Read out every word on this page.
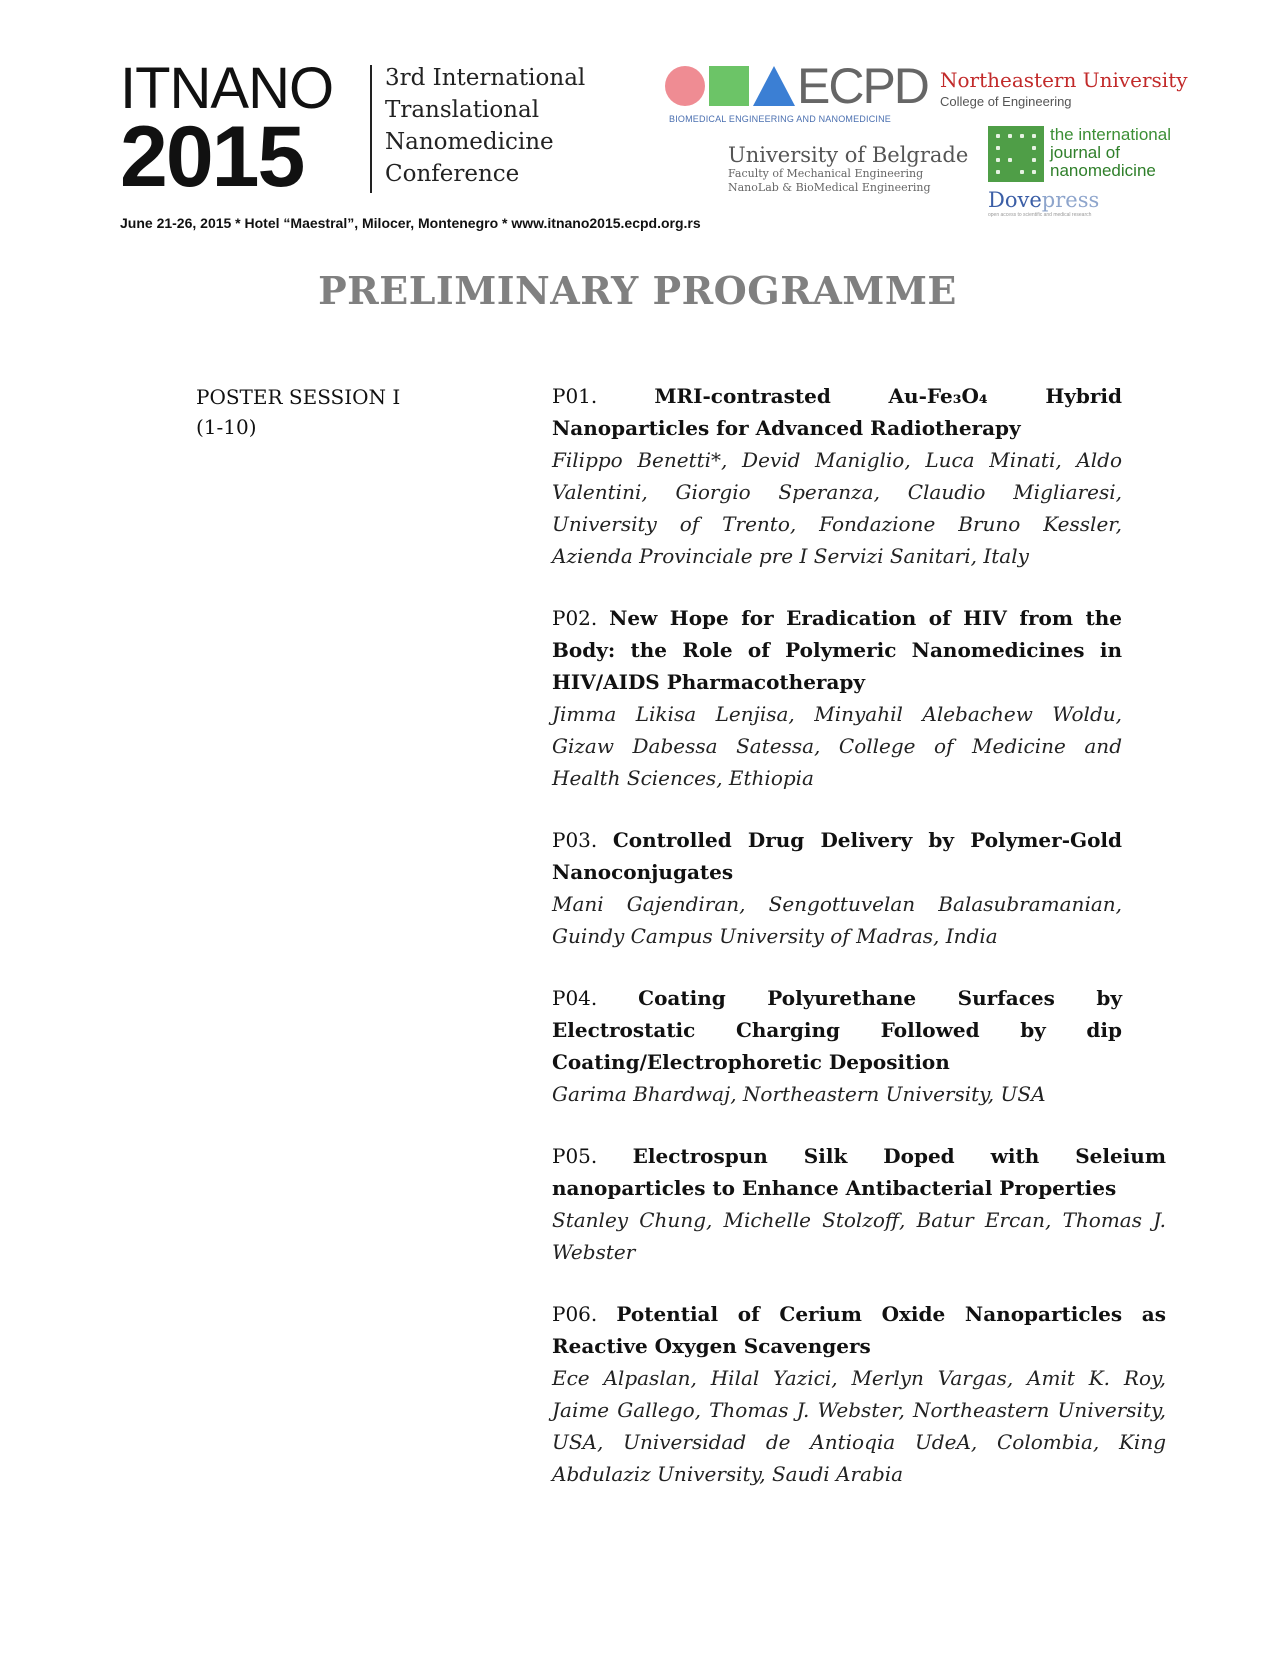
ITNANO
2015
3rd International
Translational
Nanomedicine
Conference
June 21-26, 2015 * Hotel “Maestral”, Milocer, Montenegro * www.itnano2015.ecpd.org.rs
ECPD
BIOMEDICAL ENGINEERING AND NANOMEDICINE
Northeastern University
College of Engineering
University of Belgrade
Faculty of Mechanical Engineering
NanoLab & BioMedical Engineering
the international
journal of
nanomedicine
Dovepress
open access to scientific and medical research
PRELIMINARY PROGRAMME
POSTER SESSION I
(1-10)
P01.	MRI-contrasted Au-Fe₃O₄ Hybrid Nanoparticles for Advanced Radiotherapy
Filippo Benetti*, Devid Maniglio, Luca Minati, Aldo Valentini, Giorgio Speranza, Claudio Migliaresi, University of Trento, Fondazione Bruno Kessler, Azienda Provinciale pre I Servizi Sanitari, Italy
P02. New Hope for Eradication of HIV from the Body: the Role of Polymeric Nanomedicines in HIV/AIDS Pharmacotherapy
Jimma Likisa Lenjisa, Minyahil Alebachew Woldu, Gizaw Dabessa Satessa, College of Medicine and Health Sciences, Ethiopia
P03. Controlled Drug Delivery by Polymer-Gold Nanoconjugates
Mani Gajendiran, Sengottuvelan Balasubramanian, Guindy Campus University of Madras, India
P04. Coating Polyurethane Surfaces by Electrostatic Charging Followed by dip Coating/Electrophoretic Deposition
Garima Bhardwaj, Northeastern University, USA
P05. Electrospun Silk Doped with Seleium nanoparticles to Enhance Antibacterial Properties
Stanley Chung, Michelle Stolzoff, Batur Ercan, Thomas J. Webster
P06. Potential of Cerium Oxide Nanoparticles as Reactive Oxygen Scavengers
Ece Alpaslan, Hilal Yazici, Merlyn Vargas, Amit K. Roy, Jaime Gallego, Thomas J. Webster, Northeastern University, USA, Universidad de Antioqia UdeA, Colombia, King Abdulaziz University, Saudi Arabia
